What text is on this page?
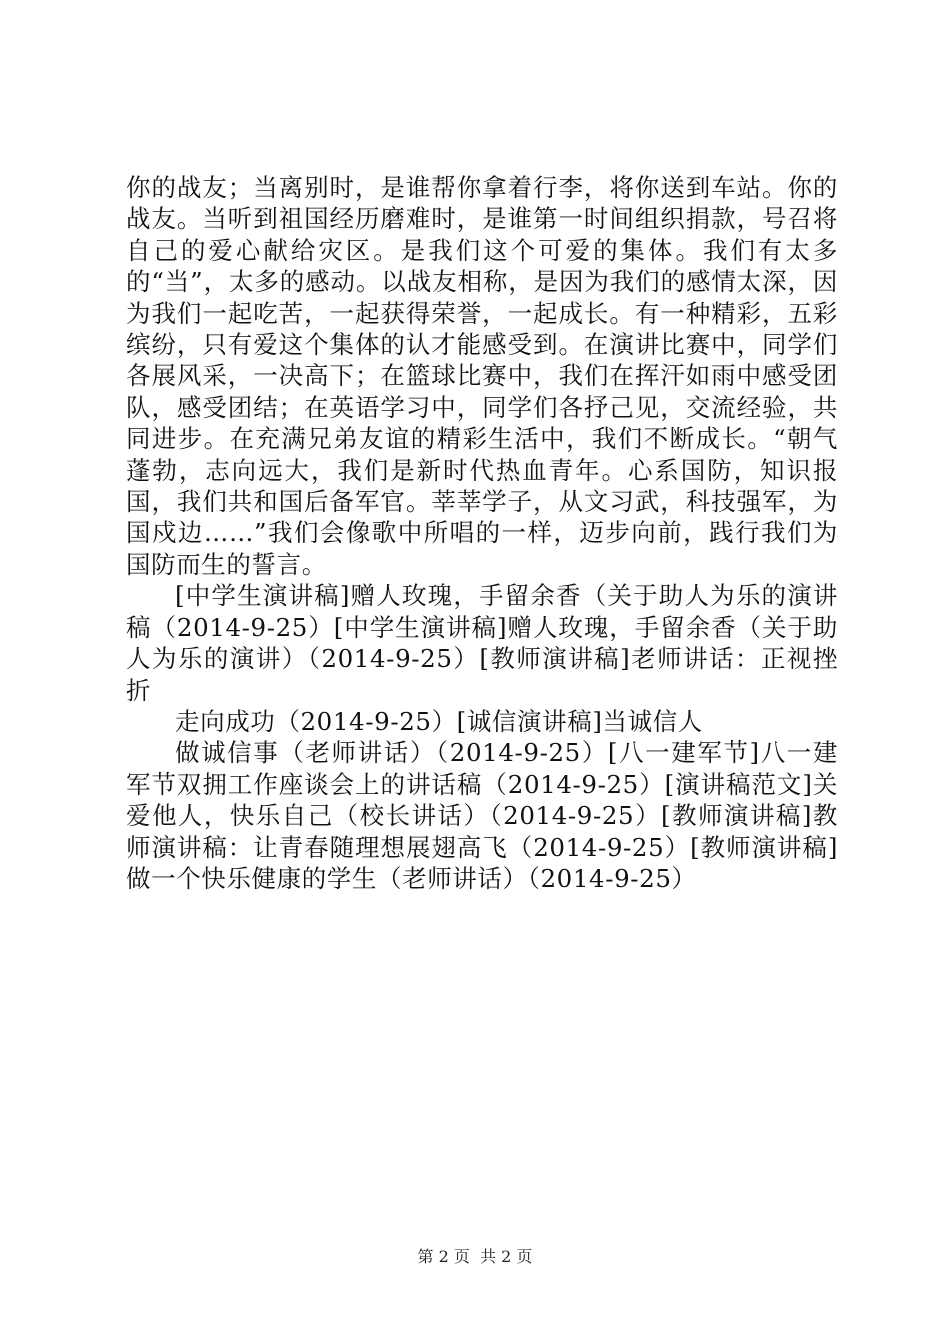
你的战友；当离别时，是谁帮你拿着行李，将你送到车站。你的战友。当听到祖国经历磨难时，是谁第一时间组织捐款，号召将自己的爱心献给灾区。是我们这个可爱的集体。我们有太多的“当”，太多的感动。以战友相称，是因为我们的感情太深，因为我们一起吃苦，一起获得荣誉，一起成长。有一种精彩，五彩缤纷，只有爱这个集体的认才能感受到。在演讲比赛中，同学们各展风采，一决高下；在篮球比赛中，我们在挥汗如雨中感受团队，感受团结；在英语学习中，同学们各抒己见，交流经验，共同进步。在充满兄弟友谊的精彩生活中，我们不断成长。“朝气蓬勃，志向远大，我们是新时代热血青年。心系国防，知识报国，我们共和国后备军官。莘莘学子，从文习武，科技强军，为国戍边……”我们会像歌中所唱的一样，迈步向前，践行我们为国防而生的誓言。

[中学生演讲稿]赠人玫瑰，手留余香（关于助人为乐的演讲稿（2014-9-25）[中学生演讲稿]赠人玫瑰，手留余香（关于助人为乐的演讲）（2014-9-25）[教师演讲稿]老师讲话：正视挫折

走向成功（2014-9-25）[诚信演讲稿]当诚信人

做诚信事（老师讲话）（2014-9-25）[八一建军节]八一建军节双拥工作座谈会上的讲话稿（2014-9-25）[演讲稿范文]关爱他人，快乐自己（校长讲话）（2014-9-25）[教师演讲稿]教师演讲稿：让青春随理想展翅高飞（2014-9-25）[教师演讲稿]做一个快乐健康的学生（老师讲话）（2014-9-25）

第 2 页  共 2 页
